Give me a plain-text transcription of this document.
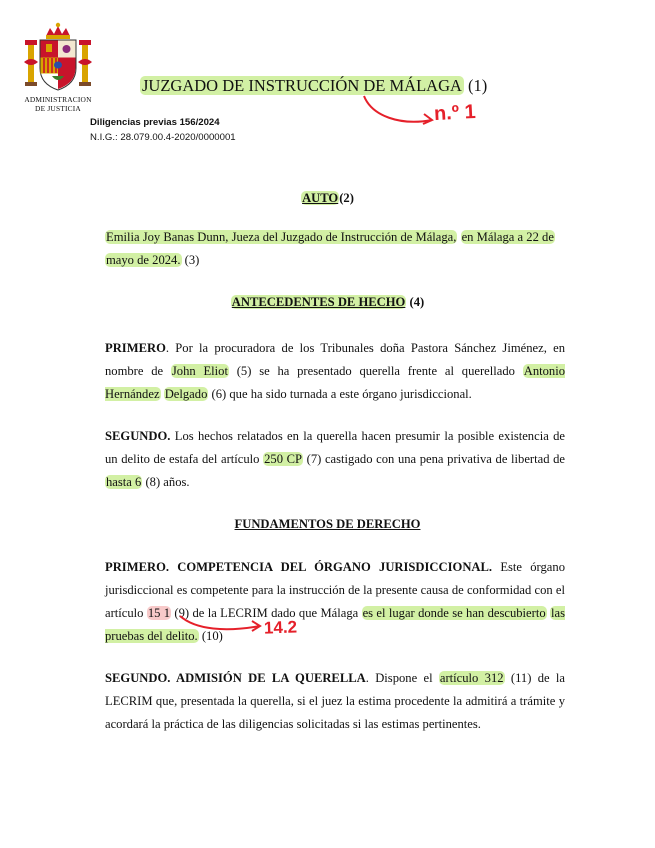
ADMINISTRACION
DE JUSTICIA
JUZGADO DE INSTRUCCIÓN DE MÁLAGA (1)
n.º 1
Diligencias previas 156/2024
N.I.G.: 28.079.00.4-2020/0000001
AUTO(2)
Emilia Joy Banas Dunn, Jueza del Juzgado de Instrucción de Málaga, en Málaga a 22 de
mayo de 2024. (3)
ANTECEDENTES DE HECHO (4)
PRIMERO. Por la procuradora de los Tribunales doña Pastora Sánchez Jiménez, en nombre de John Eliot (5) se ha presentado querella frente al querellado Antonio Hernández Delgado (6) que ha sido turnada a este órgano jurisdiccional.
SEGUNDO. Los hechos relatados en la querella hacen presumir la posible existencia de un delito de estafa del artículo 250 CP (7) castigado con una pena privativa de libertad de hasta 6 (8) años.
FUNDAMENTOS DE DERECHO
PRIMERO. COMPETENCIA DEL ÓRGANO JURISDICCIONAL. Este órgano jurisdiccional es competente para la instrucción de la presente causa de conformidad con el artículo 15 1 (9) de la LECRIM dado que Málaga es el lugar donde se han descubierto las pruebas del delito. (10)	14.2
SEGUNDO. ADMISIÓN DE LA QUERELLA. Dispone el artículo 312 (11) de la LECRIM que, presentada la querella, si el juez la estima procedente la admitirá a trámite y acordará la práctica de las diligencias solicitadas si las estimas pertinentes.
